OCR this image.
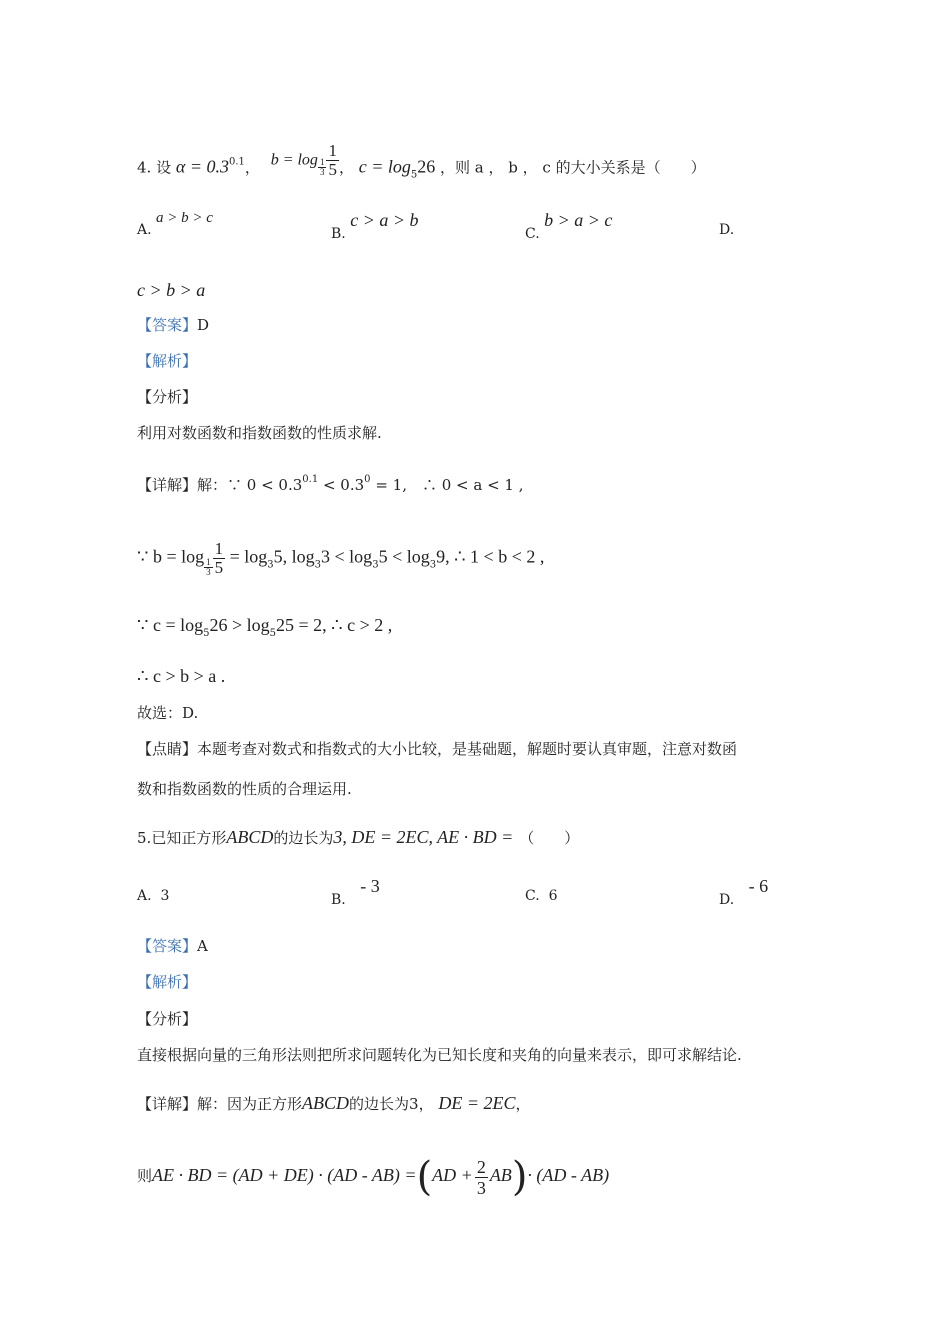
4. 设 $\alpha = 0.3^{0.1}$， $b = \log \frac{1}{3} \frac{1}{5}$ ， $c = \log_526$ ，则 a ， b ， c 的大小关系是（　　）
A. a > b > c
B. c > a > b
C. b > a > c	D.
c > b > a
【答案】D
【解析】
【分析】
利用对数函数和指数函数的性质求解.
【详解】解：∵ $0 < 0.3^{0.1} < 0.3^0 = 1$,　∴ 0 < a < 1 ,
∵ b = log
$\frac{1}{3} \frac{1}{5} = \log_35$, $\log_33 < \log_35 < \log_39$, ∴ 1 < b < 2 ,
∵ $c = \log_526 > \log_525 = 2$, ∴ c > 2 ,
∴ c > b > a .
故选：D.
【点睛】本题考查对数式和指数式的大小比较，是基础题，解题时要认真审题，注意对数函
数和指数函数的性质的合理运用.
5.已知正方形ABCD的边长为3, DE = 2EC, AE · BD = （　　）
A. 3	B. - 3	C. 6	D. - 6
【答案】A
【解析】
【分析】
直接根据向量的三角形法则把所求问题转化为已知长度和夹角的向量来表示，即可求解结论.
【详解】解：因为正方形ABCD的边长为3， DE = 2EC，
则AE · BD = $(AD + DE) \cdot (AD - AB) =(AD + \frac{2}{3} AB)\cdot (AD - AB)$
